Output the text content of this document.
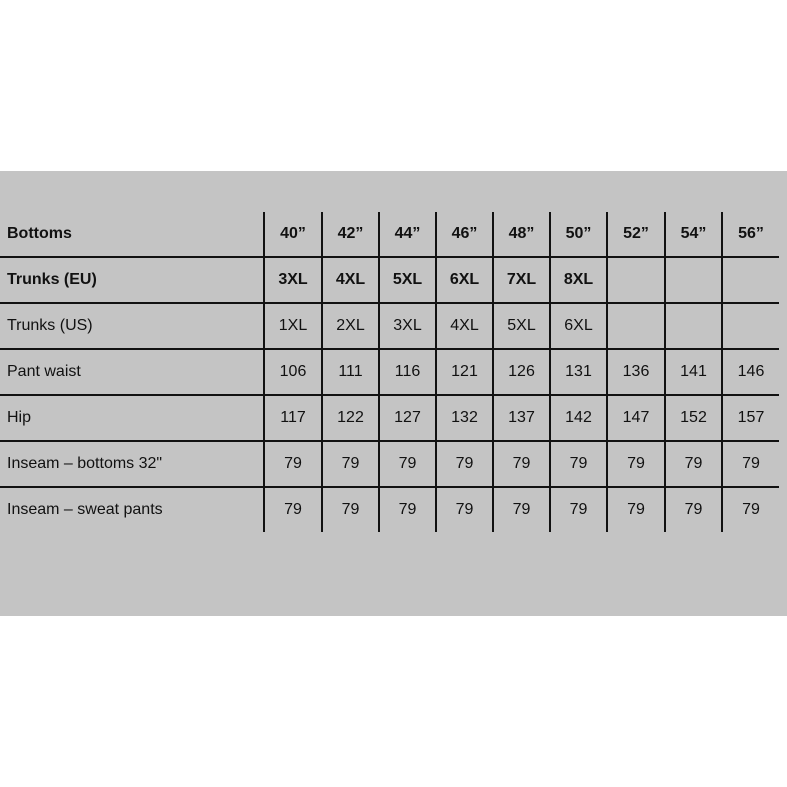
Bottoms	40”	42”	44”	46”	48”	50”	52”	54”	56”
Trunks (EU)	3XL	4XL	5XL	6XL	7XL	8XL			
Trunks (US)	1XL	2XL	3XL	4XL	5XL	6XL			
Pant waist	106	111	116	121	126	131	136	141	146
Hip	117	122	127	132	137	142	147	152	157
Inseam – bottoms 32"	79	79	79	79	79	79	79	79	79
Inseam – sweat pants	79	79	79	79	79	79	79	79	79
